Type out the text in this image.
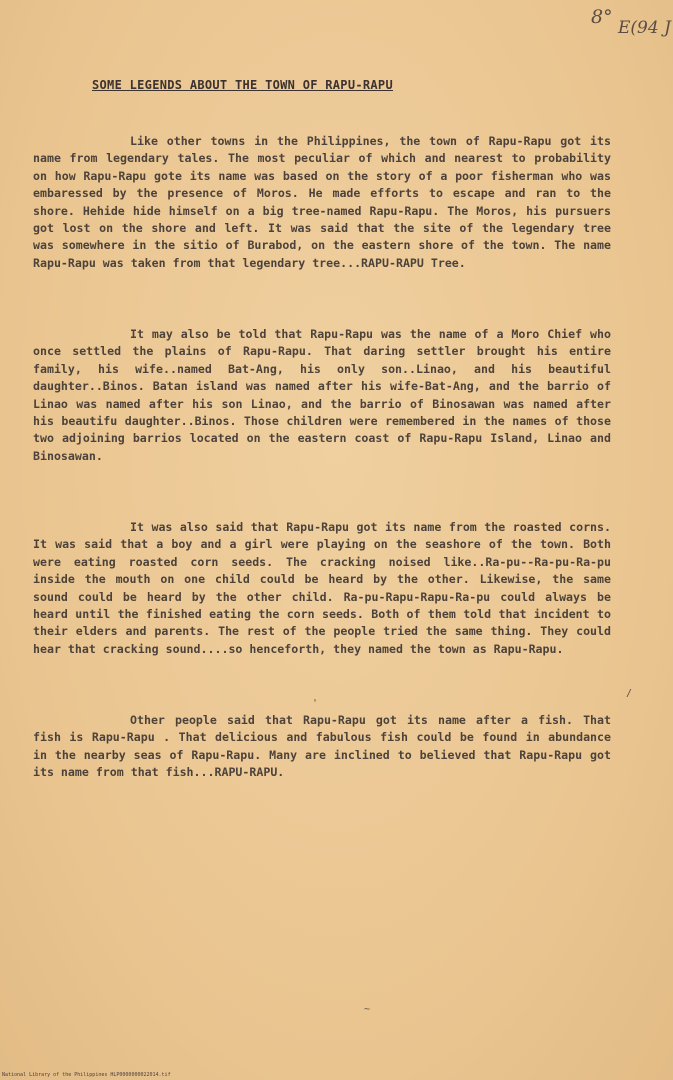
8° E(94 J
SOME LEGENDS ABOUT THE TOWN OF RAPU-RAPU
Like other towns in the Philippines, the town of Rapu-Rapu got its name from legendary tales. The most peculiar of which and nearest to probability on how Rapu-Rapu gote its name was based on the story of a poor fisherman who was embaressed by the presence of Moros. He made efforts to escape and ran to the shore. Hehide hide himself on a big tree-named Rapu-Rapu. The Moros, his pursuers got lost on the shore and left. It was said that the site of the legendary tree was somewhere in the sitio of Burabod, on the eastern shore of the town. The name Rapu-Rapu was taken from that legendary tree...RAPU-RAPU Tree.
It may also be told that Rapu-Rapu was the name of a Moro Chief who once settled the plains of Rapu-Rapu. That daring settler brought his entire family, his wife..named Bat-Ang, his only son..Linao, and his beautiful daughter..Binos. Batan island was named after his wife-Bat-Ang, and the barrio of Linao was named after his son Linao, and the barrio of Binosawan was named after his beautifu daughter..Binos. Those children were remembered in the names of those two adjoining barrios located on the eastern coast of Rapu-Rapu Island, Linao and Binosawan.
It was also said that Rapu-Rapu got its name from the roasted corns. It was said that a boy and a girl were playing on the seashore of the town. Both were eating roasted corn seeds. The cracking noised like..Ra-pu--Ra-pu-Ra-pu inside the mouth on one child could be heard by the other. Likewise, the same sound could be heard by the other child. Ra-pu-Rapu-Rapu-Ra-pu could always be heard until the finished eating the corn seeds. Both of them told that incident to their elders and parents. The rest of the people tried the same thing. They could hear that cracking sound....so henceforth, they named the town as Rapu-Rapu.
Other people said that Rapu-Rapu got its name after a fish. That fish is Rapu-Rapu . That delicious and fabulous fish could be found in abundance in the nearby seas of Rapu-Rapu. Many are inclined to believed that Rapu-Rapu got its name from that fish...RAPU-RAPU.
/
'
~
National Library of the Philippines HLP0000000022014.tif
